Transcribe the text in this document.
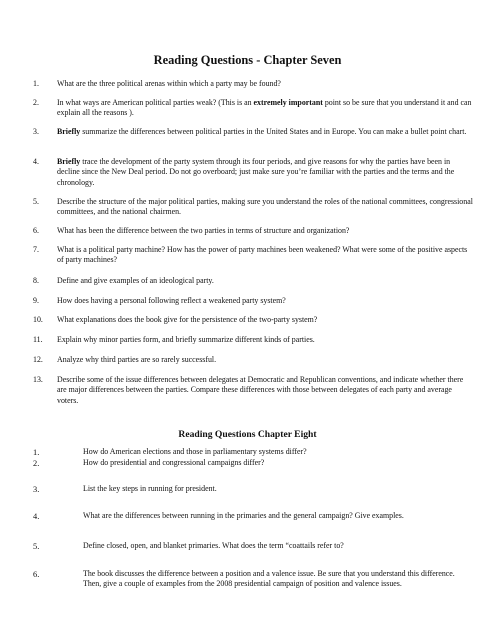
Reading Questions - Chapter Seven
1.	What are the three political arenas within which a party may be found?
2.	In what ways are American political parties weak? (This is an extremely important point so be sure that you understand it and can explain all the reasons ).
3.	Briefly summarize the differences between political parties in the United States and in Europe. You can make a bullet point chart.
4.	Briefly trace the development of the party system through its four periods, and give reasons for why the parties have been in decline since the New Deal period. Do not go overboard; just make sure you’re familiar with the parties and the terms and the chronology.
5.	Describe the structure of the major political parties, making sure you understand the roles of the national committees, congressional committees, and the national chairmen.
6.	What has been the difference between the two parties in terms of structure and organization?
7.	What is a political party machine? How has the power of party machines been weakened? What were some of the positive aspects of party machines?
8.	Define and give examples of an ideological party.
9.	How does having a personal following reflect a weakened party system?
10.	What explanations does the book give for the persistence of the two-party system?
11.	Explain why minor parties form, and briefly summarize different kinds of parties.
12.	Analyze why third parties are so rarely successful.
13.	Describe some of the issue differences between delegates at Democratic and Republican conventions, and indicate whether there are major differences between the parties. Compare these differences with those between delegates of each party and average voters.
Reading Questions Chapter Eight
1.	How do American elections and those in parliamentary systems differ?
2.	How do presidential and congressional campaigns differ?
3.	List the key steps in running for president.
4.	What are the differences between running in the primaries and the general campaign? Give examples.
5.	Define closed, open, and blanket primaries. What does the term “coattails refer to?
6.	The book discusses the difference between a position and a valence issue. Be sure that you understand this difference. Then, give a couple of examples from the 2008 presidential campaign of position and valence issues.
